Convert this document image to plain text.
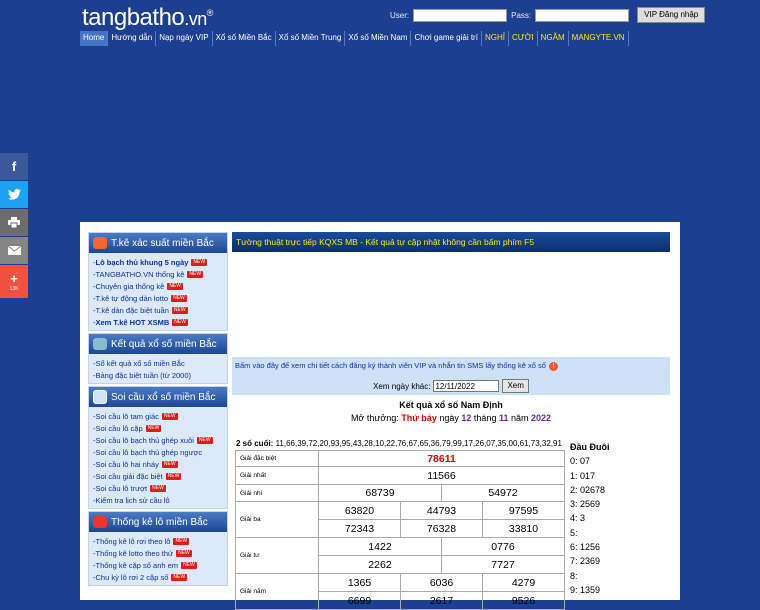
tangbatho.vn®	User:	Pass:	VIP Đăng nhập
Home Hướng dẫn Nạp ngày VIP Xổ số Miền Bắc Xổ số Miền Trung Xổ số Miền Nam Chơi game giải trí NGHỈ CƯỜI NGẪM MANGYTE.VN
f
+
13K
T.kê xác suất miền Bắc
- Lô bạch thủ khung 5 ngày	NEW
- TANGBATHO.VN thống kê	NEW
- Chuyên gia thống kê	NEW
- T.kê tự động dàn lotto	NEW
- T.kê dàn đặc biệt tuần	NEW
- Xem T.kê HOT XSMB	NEW
Kết quả xổ số miền Bắc
- Sổ kết quả xổ số miền Bắc
- Bảng đặc biệt tuần (từ 2000)
Soi cầu xổ số miền Bắc
- Soi cầu lô tam giác	NEW
- Soi cầu lô cặp	NEW
- Soi cầu lô bạch thủ ghép xuôi	NEW
- Soi cầu lô bạch thủ ghép ngược
- Soi cầu lô hai nháy	NEW
- Soi cầu giải đặc biệt	NEW
- Soi cầu lô trượt	NEW
- Kiểm tra lịch sử cầu lô
Thống kê lô miền Bắc
- Thống kê lô rơi theo lô	NEW
- Thống kê lotto theo thứ	NEW
- Thống kê cặp số anh em	NEW
- Chu kỳ lô rơi 2 cặp số	NEW
Tường thuật trực tiếp KQXS MB - Kết quả tự cập nhật không cần bấm phím F5
Bấm vào đây để xem chi tiết cách đăng ký thành viên VIP và nhắn tin SMS lấy thống kê xổ số !
Xem ngày khác:
12/11/2022	Xem
Kết quả xổ số Nam Định
Mở thưởng: Thứ bảy ngày 12 tháng 11 năm 2022
2 số cuối: 11,66,39,72,20,93,95,43,28,10,22,76,67,65,36,79,99,17,26,07,35,00,61,73,32,91
Giải đặc biệt	78611			
Giải nhất	11566			
Giải nhì	68739		54972	
Giải ba	63820	44793		97595
	72343	76328		33810
Giải tư	1422		0776	
	2262		7727	
Giải năm	1365	6036		4279
	6699	2617		9526
Đầu Đuôi
0: 07
1: 017
2: 02678
3: 2569
4: 3
5:
6: 1256
7: 2369
8:
9: 1359
